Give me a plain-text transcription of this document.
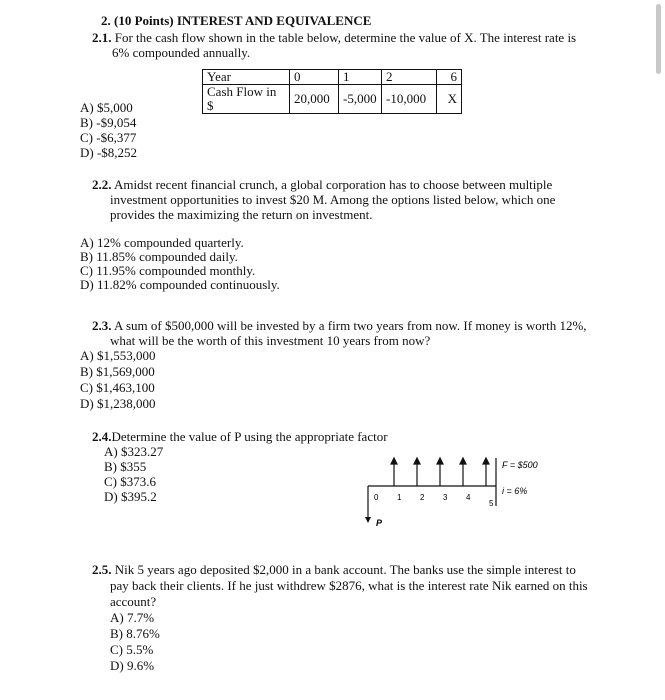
2. (10 Points) INTEREST AND EQUIVALENCE
2.1. For the cash flow shown in the table below, determine the value of X. The interest rate is
6% compounded annually.
Year	0	1	2	6
Cash Flow in $	20,000	-5,000	-10,000	X
A) $5,000
B) -$9,054
C) -$6,377
D) -$8,252
2.2. Amidst recent financial crunch, a global corporation has to choose between multiple
investment opportunities to invest $20 M. Among the options listed below, which one
provides the maximizing the return on investment.
A) 12% compounded quarterly.
B) 11.85% compounded daily.
C) 11.95% compounded monthly.
D) 11.82% compounded continuously.
2.3. A sum of $500,000 will be invested by a firm two years from now. If money is worth 12%,
what will be the worth of this investment 10 years from now?
A) $1,553,000
B) $1,569,000
C) $1,463,100
D) $1,238,000
2.4.Determine the value of P using the appropriate factor
A) $323.27
B) $355
C) $373.6
D) $395.2	0 1 2 3 4
5
F = $500
i = 6%
P
2.5. Nik 5 years ago deposited $2,000 in a bank account. The banks use the simple interest to
pay back their clients. If he just withdrew $2876, what is the interest rate Nik earned on this
account?
A) 7.7%
B) 8.76%
C) 5.5%
D) 9.6%
